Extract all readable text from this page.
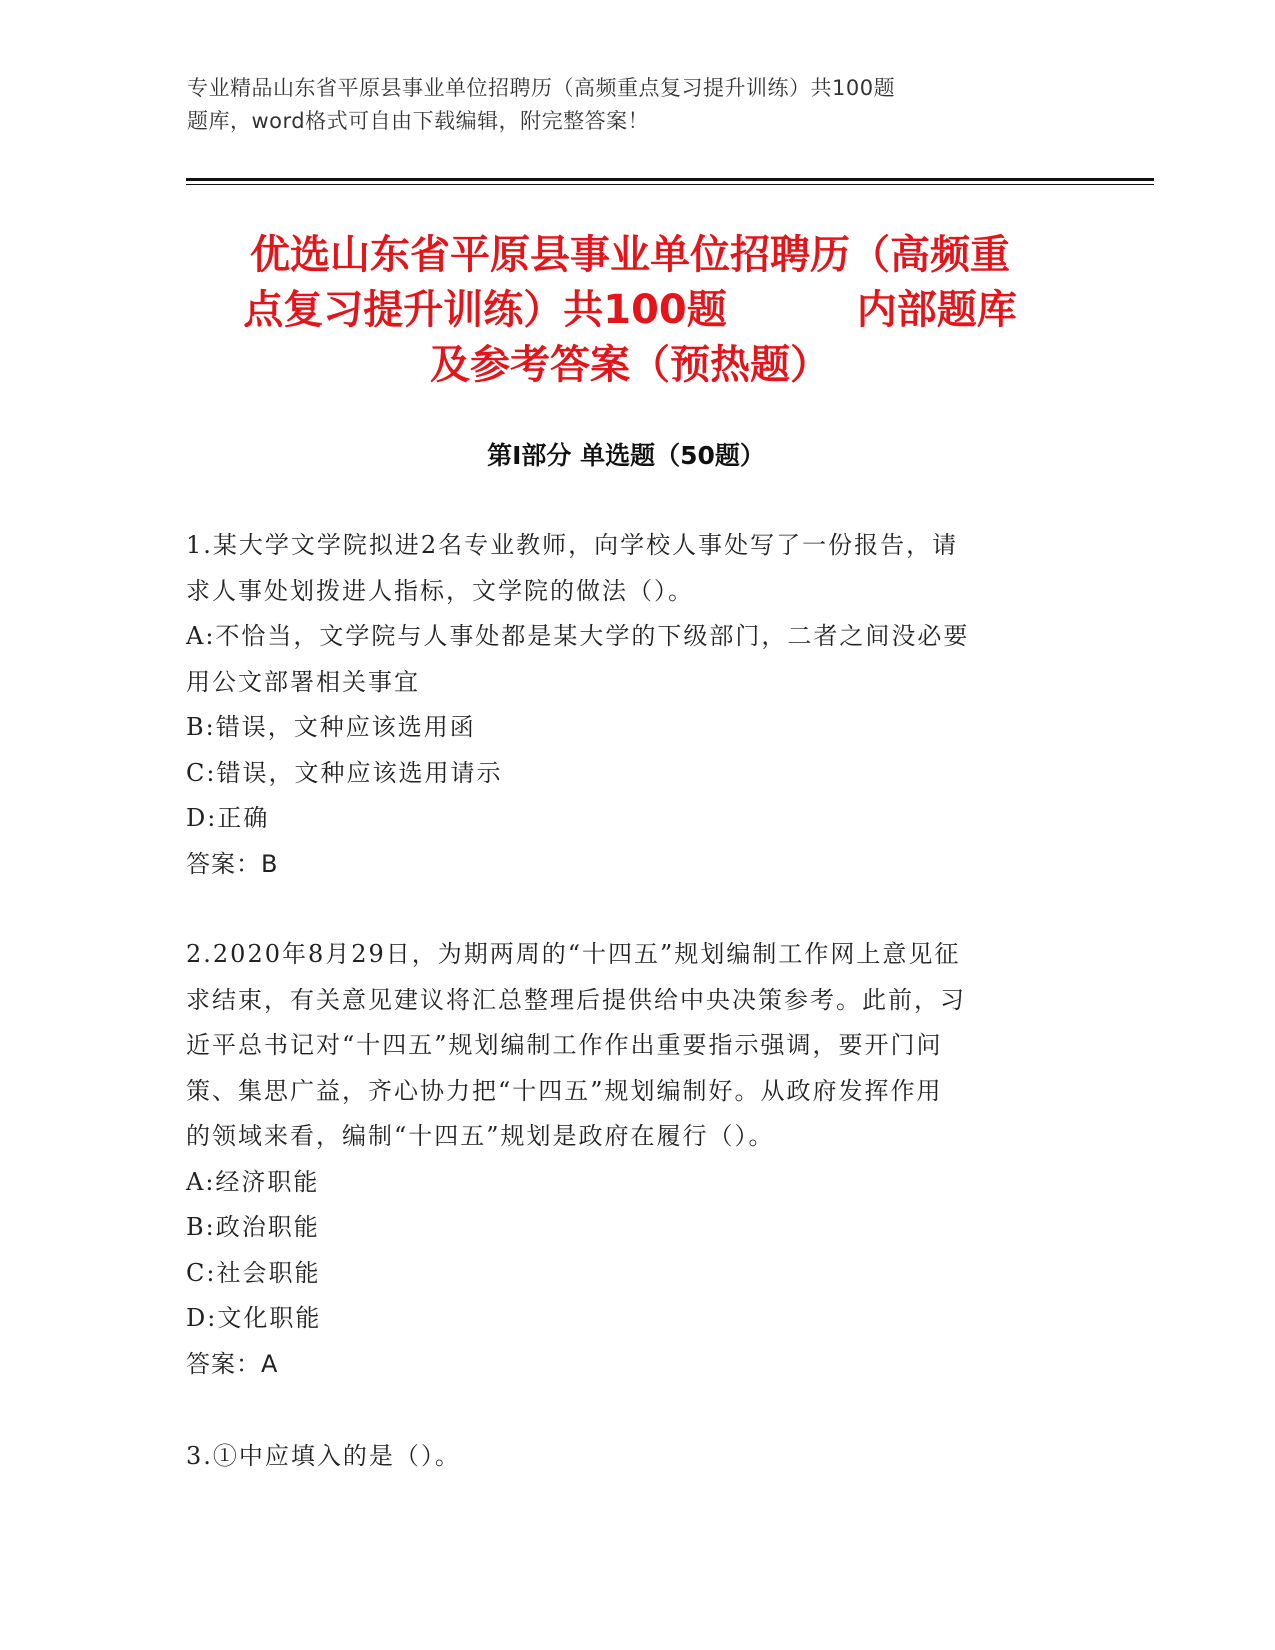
专业精品山东省平原县事业单位招聘历（高频重点复习提升训练）共100题
题库，word格式可自由下载编辑，附完整答案！
优选山东省平原县事业单位招聘历（高频重
点复习提升训练）共100题	内部题库
及参考答案（预热题）
第I部分 单选题（50题）

1.某大学文学院拟进2名专业教师，向学校人事处写了一份报告，请

求人事处划拨进人指标，文学院的做法（）。

A:不恰当，文学院与人事处都是某大学的下级部门，二者之间没必要

用公文部署相关事宜

B:错误，文种应该选用函

C:错误，文种应该选用请示

D:正确

答案：B

2.2020年8月29日，为期两周的“十四五”规划编制工作网上意见征

求结束，有关意见建议将汇总整理后提供给中央决策参考。此前，习

近平总书记对“十四五”规划编制工作作出重要指示强调，要开门问

策、集思广益，齐心协力把“十四五”规划编制好。从政府发挥作用

的领域来看，编制“十四五”规划是政府在履行（）。

A:经济职能

B:政治职能

C:社会职能

D:文化职能

答案：A

3.①中应填入的是（）。
